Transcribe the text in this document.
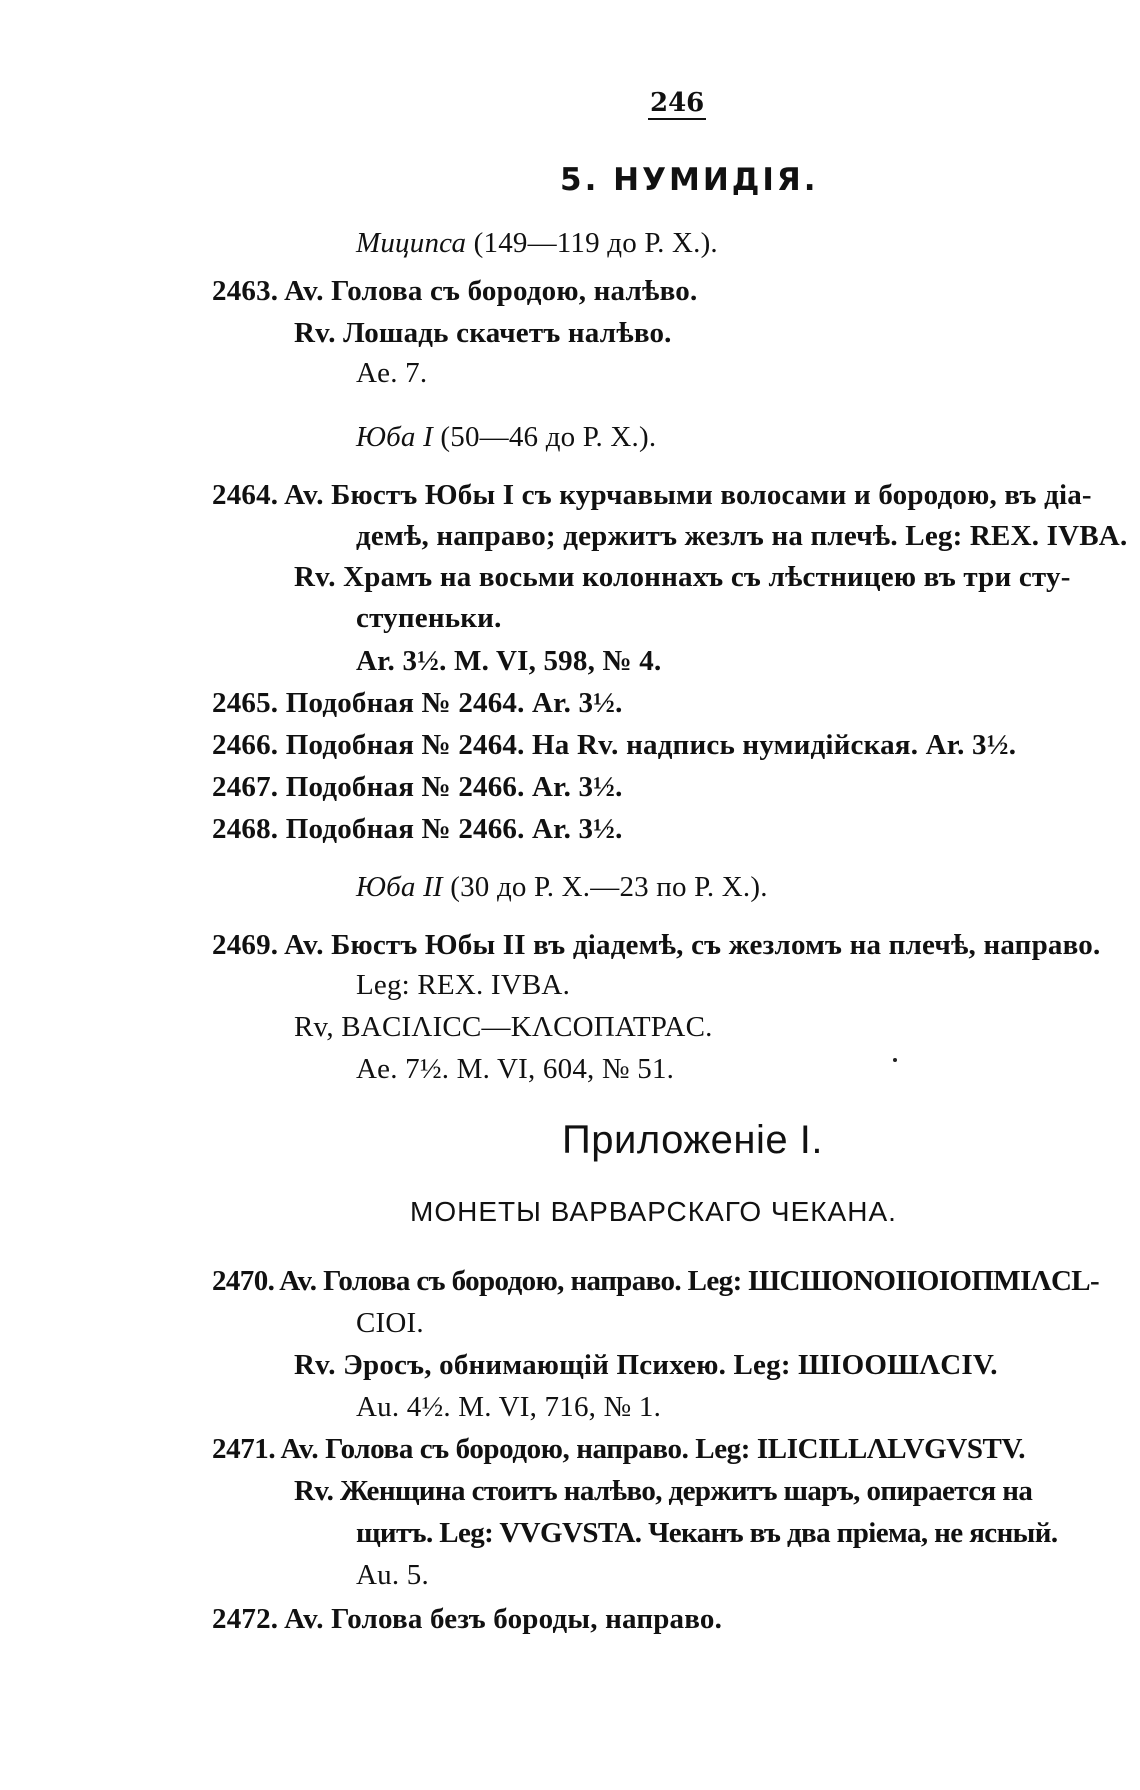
246
5. НУМИДІЯ.
Миципса (149—119 до Р. Х.).
2463. Av. Голова съ бородою, налѣво.
Rv. Лошадь скачетъ налѣво.
Ae. 7.
Юба I (50—46 до Р. Х.).
2464. Av. Бюстъ Юбы I съ курчавыми волосами и бородою, въ діа-
демѣ, направо; держитъ жезлъ на плечѣ. Leg: REX. IVBA.
Rv. Храмъ на восьми колоннахъ съ лѣстницею въ три сту-
ступеньки.
Ar. 3½. M. VI, 598, № 4.
2465. Подобная № 2464. Ar. 3½.
2466. Подобная № 2464. На Rv. надпись нумидійская. Ar. 3½.
2467. Подобная № 2466. Ar. 3½.
2468. Подобная № 2466. Ar. 3½.
Юба II (30 до Р. Х.—23 по Р. Х.).
2469. Av. Бюстъ Юбы II въ діадемѣ, съ жезломъ на плечѣ, направо.
Leg: REX. IVBA.
Rv, BACIΛICC—KΛCOΠATPAC.
Ae. 7½. M. VI, 604, № 51.
Приложеніе I.
МОНЕТЫ ВАРВАРСКАГО ЧЕКАНА.
2470. Av. Голова съ бородою, направо. Leg: ШСШONOIIOIOПMIΛCL-
CIOI.
Rv. Эросъ, обнимающій Психею. Leg: ШIOOШΛCIV.
Au. 4½. M. VI, 716, № 1.
2471. Av. Голова съ бородою, направо. Leg: ILICILLΛLVGVSTV.
Rv. Женщина стоитъ налѣво, держитъ шаръ, опирается на
щитъ. Leg: VVGVSTA. Чеканъ въ два пріема, не ясный.
Au. 5.
2472. Av. Голова безъ бороды, направо.
